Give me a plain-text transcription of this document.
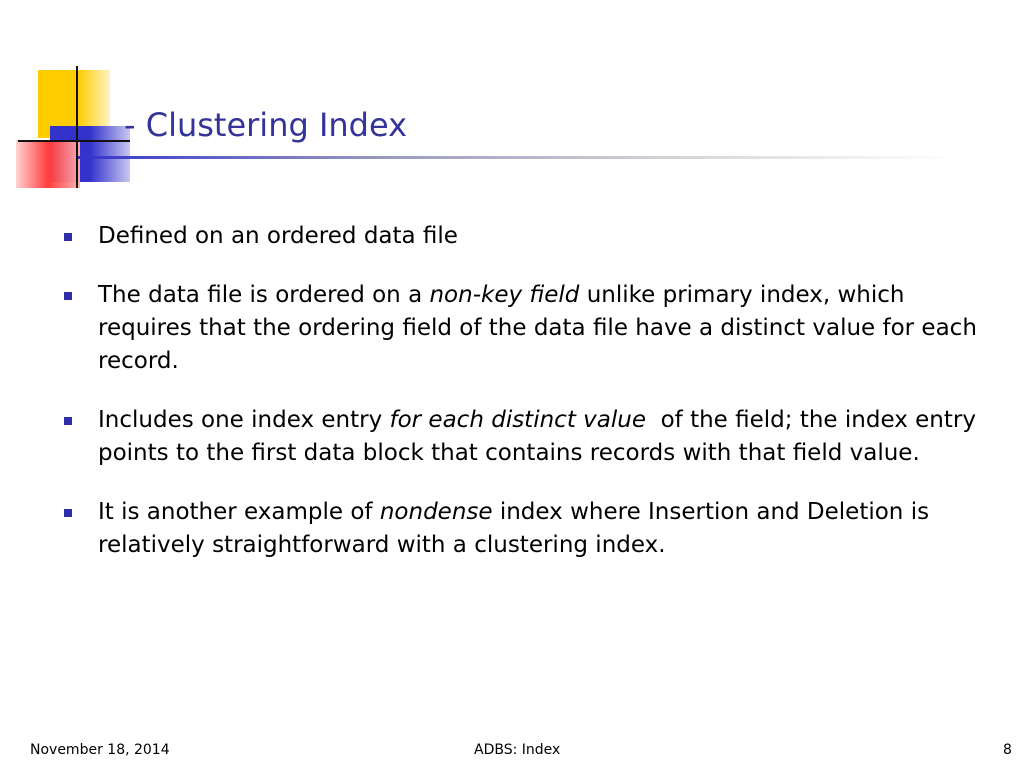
- Clustering Index
Defined on an ordered data file
The data file is ordered on a non-key field unlike primary index, which requires that the ordering field of the data file have a distinct value for each record.
Includes one index entry for each distinct value  of the field; the index entry points to the first data block that contains records with that field value.
It is another example of nondense index where Insertion and Deletion is relatively straightforward with a clustering index.
November 18, 2014	ADBS: Index	8
